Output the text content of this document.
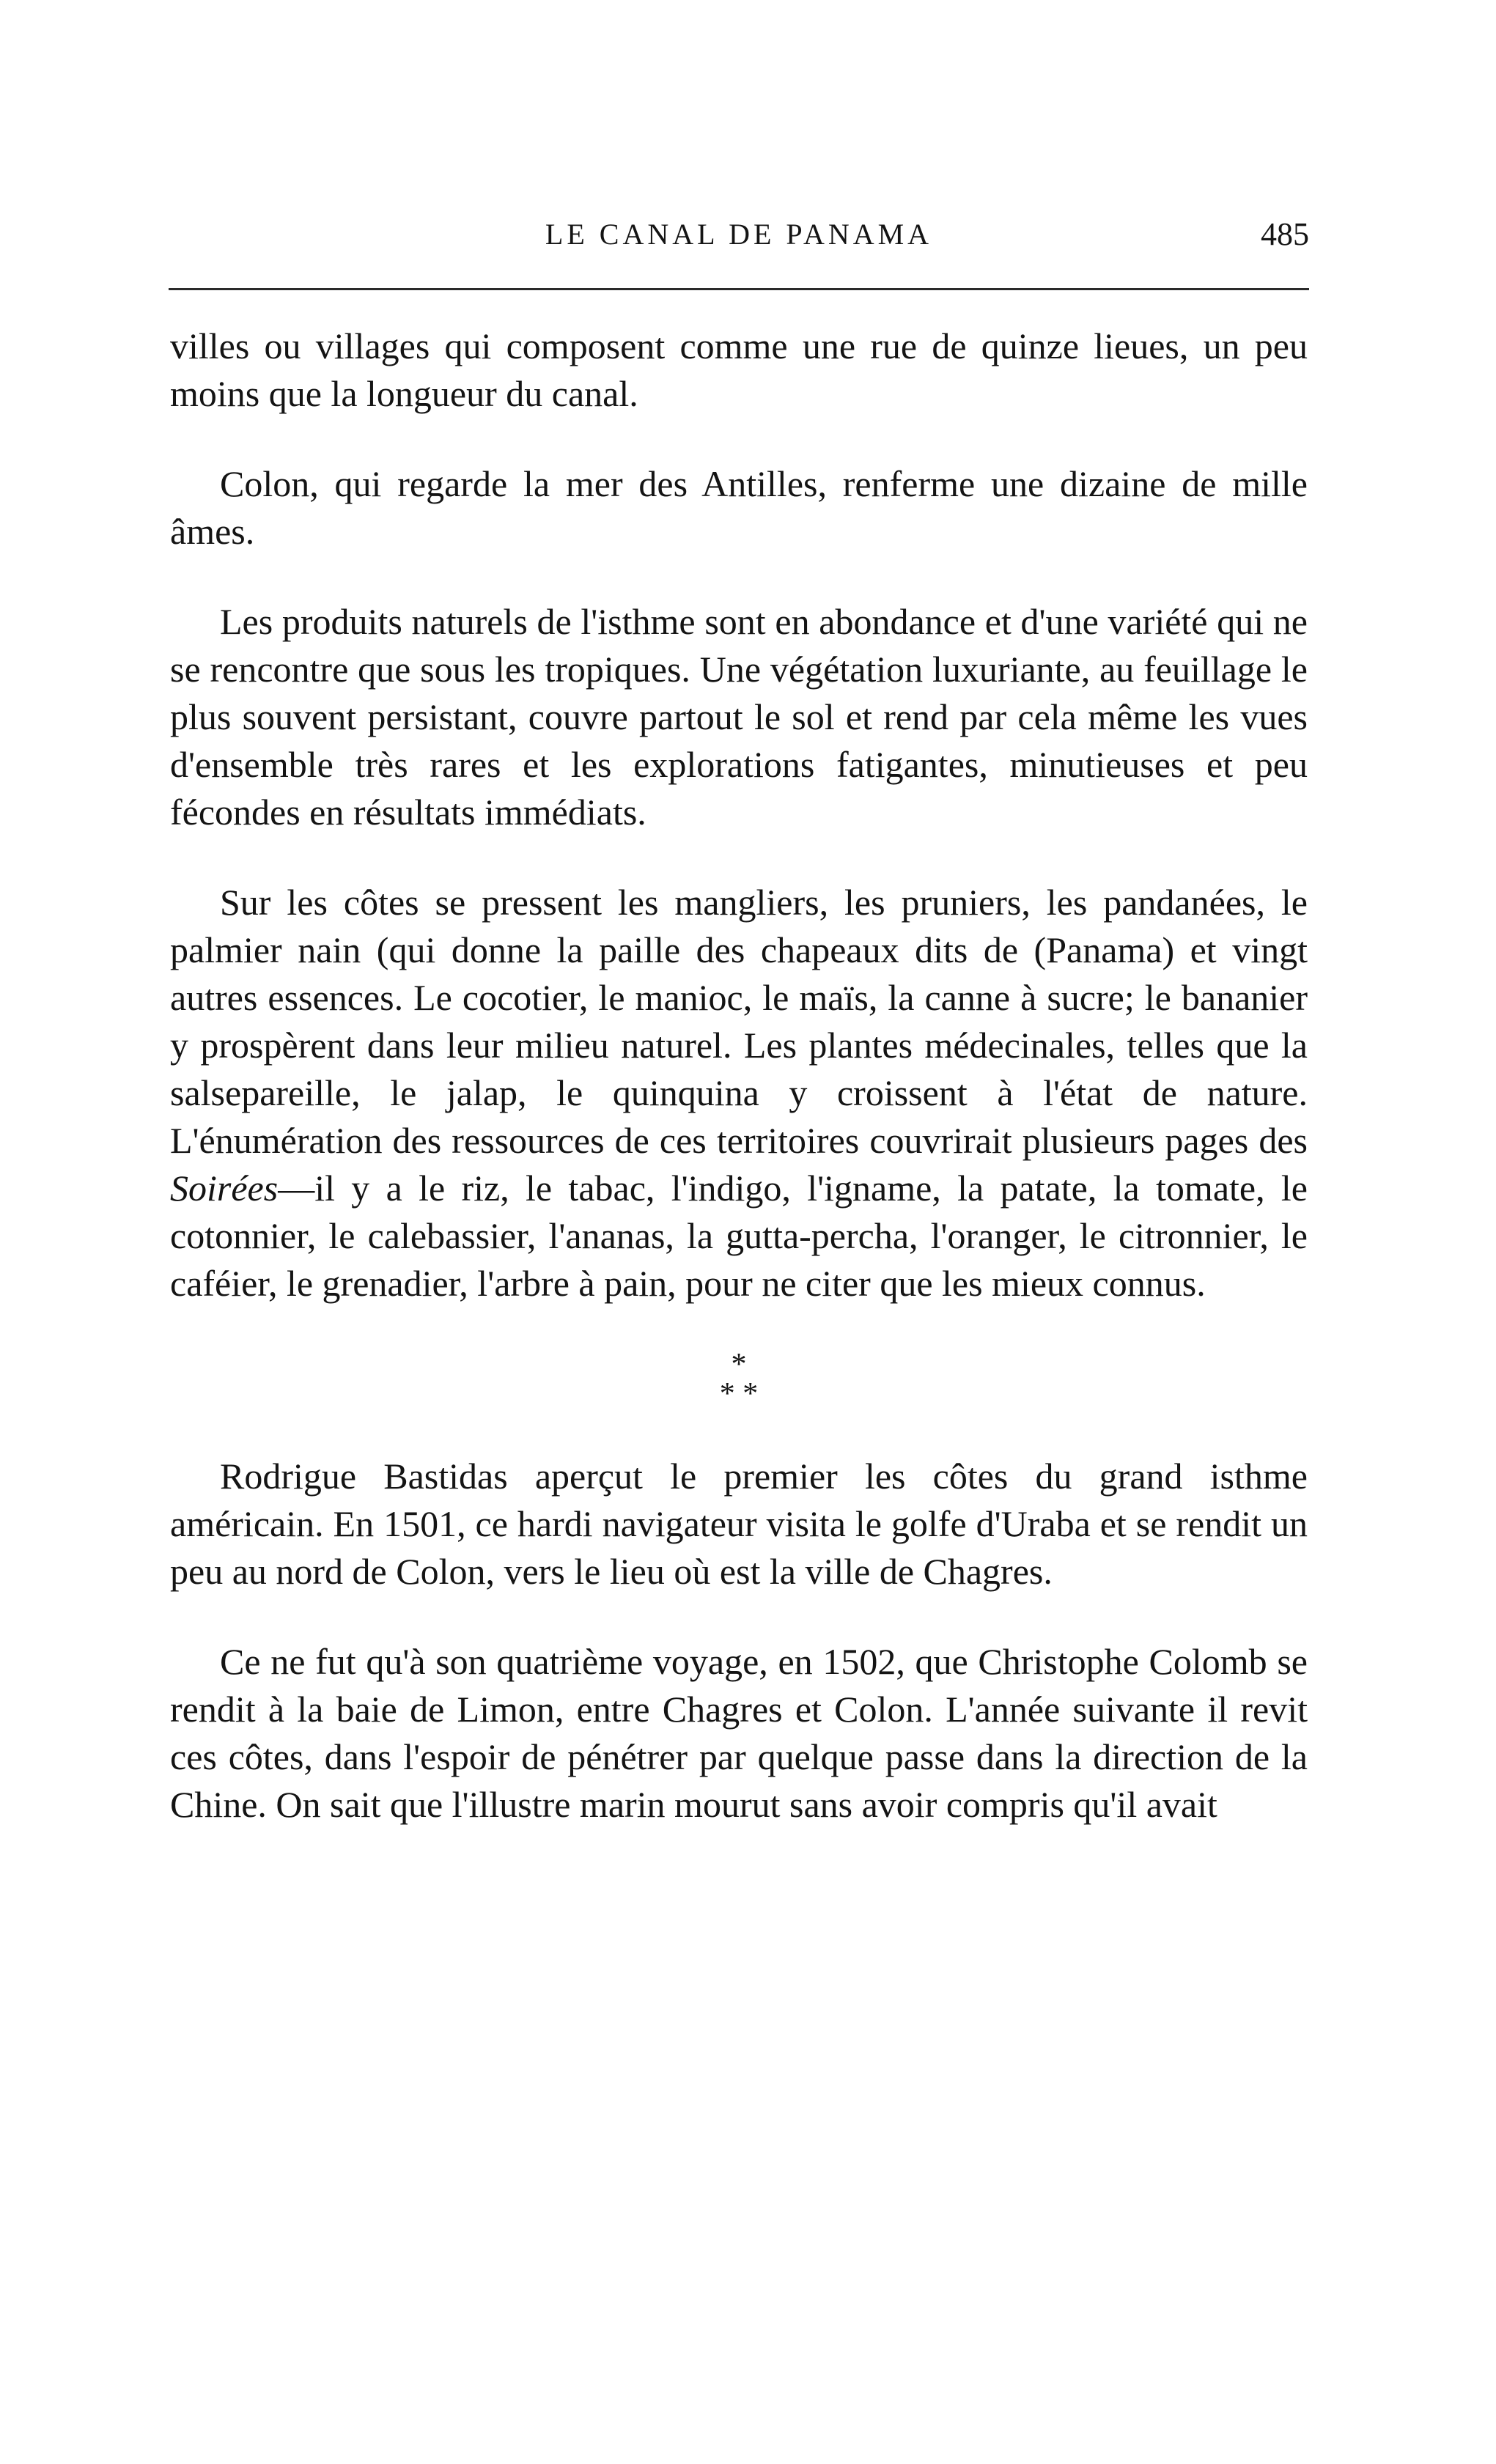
LE CANAL DE PANAMA	485

villes ou villages qui composent comme une rue de quinze lieues, un peu moins que la longueur du canal.

Colon, qui regarde la mer des Antilles, renferme une dizaine de mille âmes.

Les produits naturels de l'isthme sont en abondance et d'une variété qui ne se rencontre que sous les tropiques. Une végétation luxuriante, au feuillage le plus souvent persistant, couvre partout le sol et rend par cela même les vues d'ensemble très rares et les explorations fatigantes, minutieuses et peu fécondes en résultats immédiats.

Sur les côtes se pressent les mangliers, les pruniers, les pandanées, le palmier nain (qui donne la paille des chapeaux dits de (Panama) et vingt autres essences. Le cocotier, le manioc, le maïs, la canne à sucre; le bananier y prospèrent dans leur milieu naturel. Les plantes médecinales, telles que la salsepareille, le jalap, le quinquina y croissent à l'état de nature. L'énumération des ressources de ces territoires couvrirait plusieurs pages des Soirées—il y a le riz, le tabac, l'indigo, l'igname, la patate, la tomate, le cotonnier, le calebassier, l'ananas, la gutta-percha, l'oranger, le citronnier, le caféier, le grenadier, l'arbre à pain, pour ne citer que les mieux connus.

*
* *

Rodrigue Bastidas aperçut le premier les côtes du grand isthme américain. En 1501, ce hardi navigateur visita le golfe d'Uraba et se rendit un peu au nord de Colon, vers le lieu où est la ville de Chagres.

Ce ne fut qu'à son quatrième voyage, en 1502, que Christophe Colomb se rendit à la baie de Limon, entre Chagres et Colon. L'année suivante il revit ces côtes, dans l'espoir de pénétrer par quelque passe dans la direction de la Chine. On sait que l'illustre marin mourut sans avoir compris qu'il avait
